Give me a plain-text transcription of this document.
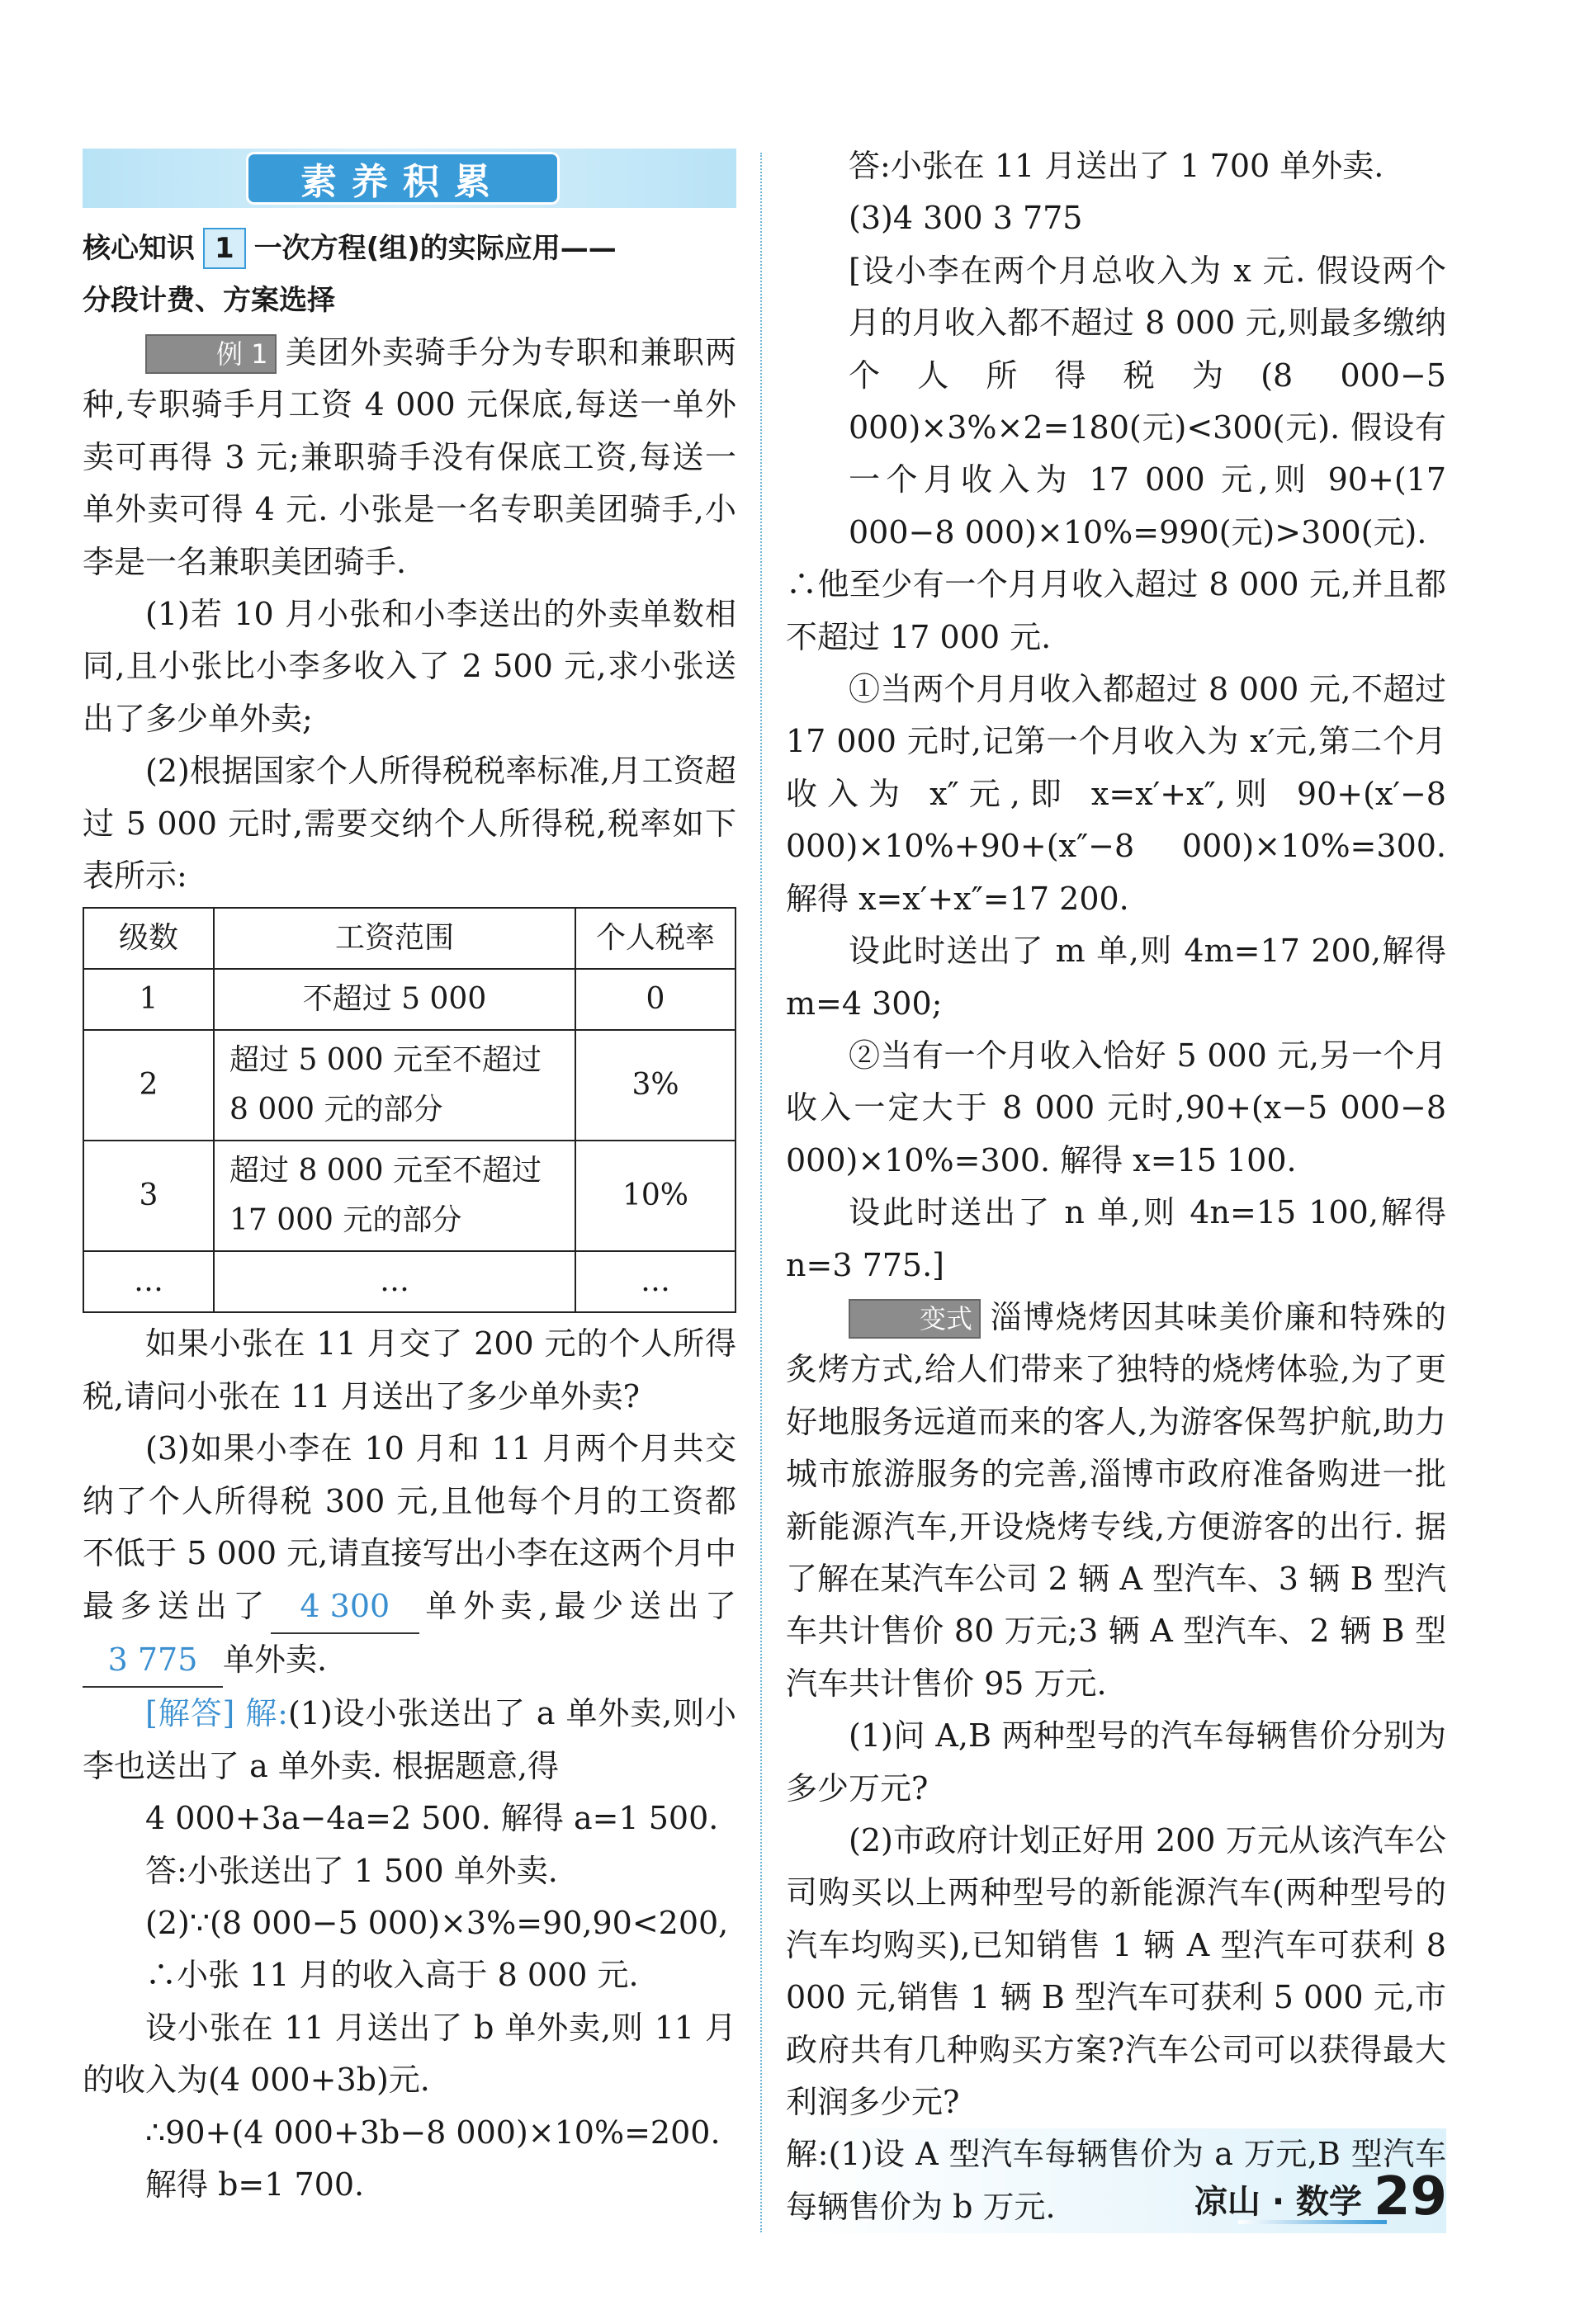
素养积累

核心知识 1 一次方程(组)的实际应用——

分段计费、方案选择

例 1 美团外卖骑手分为专职和兼职两种,专职骑手月工资 4 000 元保底,每送一单外卖可再得 3 元;兼职骑手没有保底工资,每送一单外卖可得 4 元. 小张是一名专职美团骑手,小李是一名兼职美团骑手.

(1)若 10 月小张和小李送出的外卖单数相同,且小张比小李多收入了 2 500 元,求小张送出了多少单外卖;

(2)根据国家个人所得税税率标准,月工资超过 5 000 元时,需要交纳个人所得税,税率如下表所示:

级数	工资范围	个人税率
1	不超过 5 000	0
2	超过 5 000 元至不超过 8 000 元的部分	3%
3	超过 8 000 元至不超过 17 000 元的部分	10%
…	…	…

如果小张在 11 月交了 200 元的个人所得税,请问小张在 11 月送出了多少单外卖?

(3)如果小李在 10 月和 11 月两个月共交纳了个人所得税 300 元,且他每个月的工资都不低于 5 000 元,请直接写出小李在这两个月中最多送出了 4 300 单外卖,最少送出了3 775 单外卖.

[解答] 解:(1)设小张送出了 a 单外卖,则小李也送出了 a 单外卖. 根据题意,得

4 000+3a−4a=2 500. 解得 a=1 500.

答:小张送出了 1 500 单外卖.

(2)∵(8 000−5 000)×3%=90,90<200,

∴小张 11 月的收入高于 8 000 元.

设小张在 11 月送出了 b 单外卖,则 11 月的收入为(4 000+3b)元.

∴90+(4 000+3b−8 000)×10%=200.

解得 b=1 700.

答:小张在 11 月送出了 1 700 单外卖.

(3)4 300 3 775

[设小李在两个月总收入为 x 元. 假设两个月的月收入都不超过 8 000 元,则最多缴纳个人所得税为(8 000−5 000)×3%×2=180(元)<300(元). 假设有一个月收入为 17 000 元,则 90+(17 000−8 000)×10%=990(元)>300(元).

∴他至少有一个月月收入超过 8 000 元,并且都不超过 17 000 元.

①当两个月月收入都超过 8 000 元,不超过 17 000 元时,记第一个月收入为 x′元,第二个月收入为 x″元,即 x=x′+x″,则 90+(x′−8 000)×10%+90+(x″−8 000)×10%=300. 解得 x=x′+x″=17 200.

设此时送出了 m 单,则 4m=17 200,解得 m=4 300;

②当有一个月收入恰好 5 000 元,另一个月收入一定大于 8 000 元时,90+(x−5 000−8 000)×10%=300. 解得 x=15 100.

设此时送出了 n 单,则 4n=15 100,解得 n=3 775.]

变式 淄博烧烤因其味美价廉和特殊的炙烤方式,给人们带来了独特的烧烤体验,为了更好地服务远道而来的客人,为游客保驾护航,助力城市旅游服务的完善,淄博市政府准备购进一批新能源汽车,开设烧烤专线,方便游客的出行. 据了解在某汽车公司 2 辆 A 型汽车、3 辆 B 型汽车共计售价 80 万元;3 辆 A 型汽车、2 辆 B 型汽车共计售价 95 万元.

(1)问 A,B 两种型号的汽车每辆售价分别为多少万元?

(2)市政府计划正好用 200 万元从该汽车公司购买以上两种型号的新能源汽车(两种型号的汽车均购买),已知销售 1 辆 A 型汽车可获利 8 000 元,销售 1 辆 B 型汽车可获利 5 000 元,市政府共有几种购买方案?汽车公司可以获得最大利润多少元?

解:(1)设 A 型汽车每辆售价为 a 万元,B 型汽车每辆售价为 b 万元.	凉山 · 数学 29
